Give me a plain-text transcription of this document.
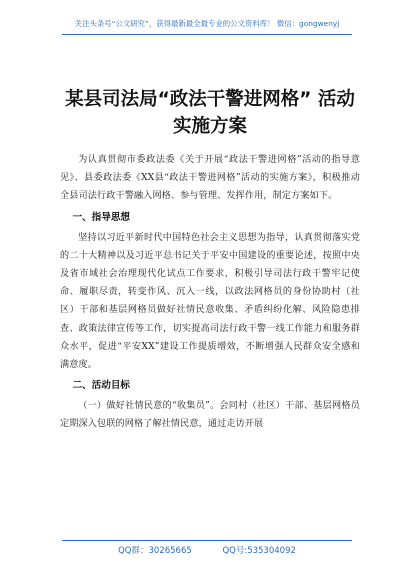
关注头条号“公文研究”，获得最新最全最专业的公文资料库！ 微信：gongwenyj
某县司法局“政法干警进网格” 活动实施方案

为认真贯彻市委政法委《关于开展“政法干警进网格”活动的指导意见》、县委政法委《XX县“政法干警进网格”活动的实施方案》，积极推动全县司法行政干警融入网格、参与管理、发挥作用，制定方案如下。

一、指导思想

坚持以习近平新时代中国特色社会主义思想为指导，认真贯彻落实党的二十大精神以及习近平总书记关于平安中国建设的重要论述，按照中央及省市域社会治理现代化试点工作要求，积极引导司法行政干警牢记使命、履职尽责，转变作风、沉入一线，以政法网格员的身份协助村（社区）干部和基层网格员做好社情民意收集、矛盾纠纷化解、风险隐患排查、政策法律宣传等工作，切实提高司法行政干警一线工作能力和服务群众水平，促进“平安XX”建设工作提质增效，不断增强人民群众安全感和满意度。

二、活动目标

（一）做好社情民意的“收集员”。会同村（社区）干部、基层网格员定期深入包联的网格了解社情民意，通过走访开展

QQ群：30265665	QQ号:535304092
